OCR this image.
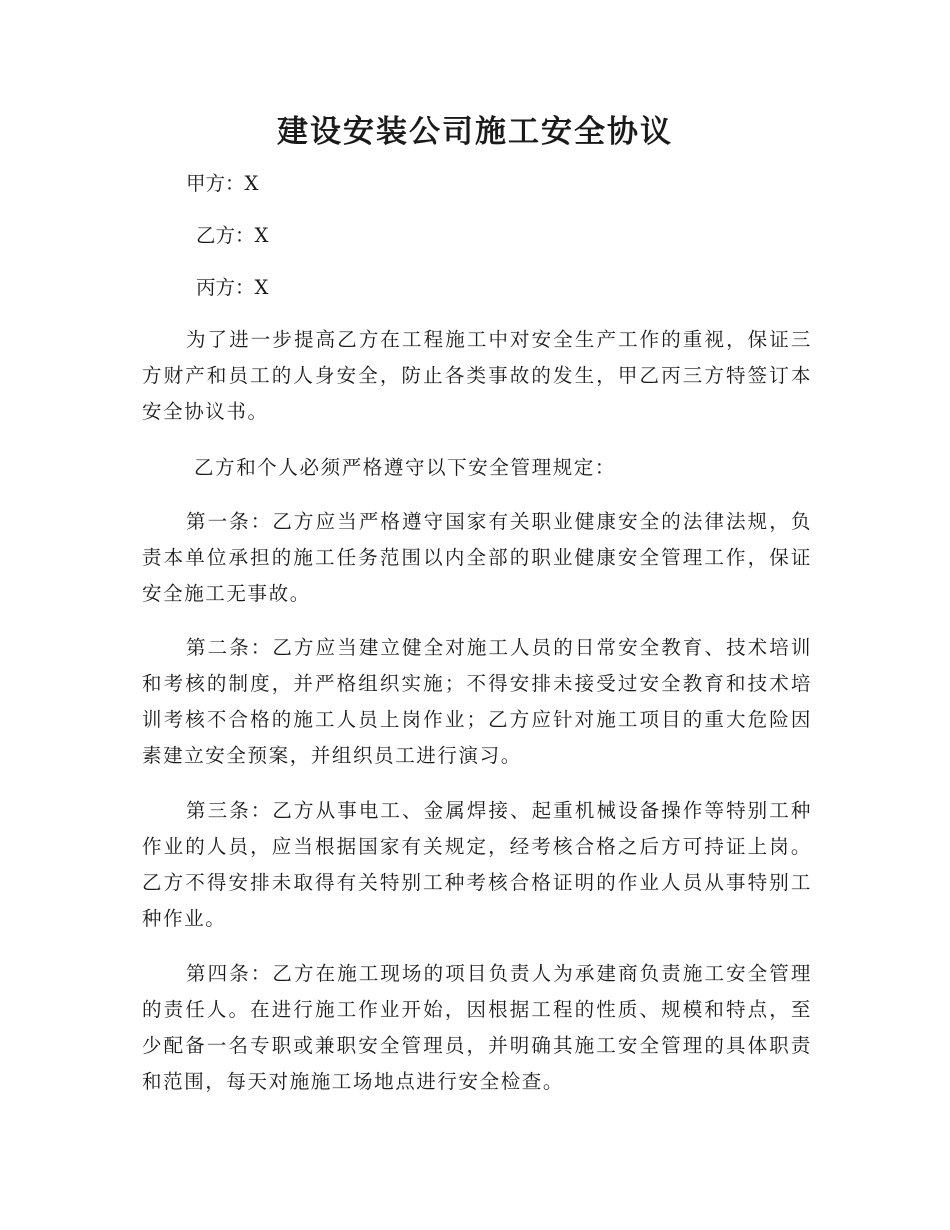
建设安装公司施工安全协议
甲方：X
乙方：X
丙方：X

为了进一步提高乙方在工程施工中对安全生产工作的重视，保证三方财产和员工的人身安全，防止各类事故的发生，甲乙丙三方特签订本安全协议书。

乙方和个人必须严格遵守以下安全管理规定：

第一条：乙方应当严格遵守国家有关职业健康安全的法律法规，负责本单位承担的施工任务范围以内全部的职业健康安全管理工作，保证安全施工无事故。

第二条：乙方应当建立健全对施工人员的日常安全教育、技术培训和考核的制度，并严格组织实施；不得安排未接受过安全教育和技术培训考核不合格的施工人员上岗作业；乙方应针对施工项目的重大危险因素建立安全预案，并组织员工进行演习。

第三条：乙方从事电工、金属焊接、起重机械设备操作等特别工种作业的人员，应当根据国家有关规定，经考核合格之后方可持证上岗。乙方不得安排未取得有关特别工种考核合格证明的作业人员从事特别工种作业。

第四条：乙方在施工现场的项目负责人为承建商负责施工安全管理的责任人。在进行施工作业开始，因根据工程的性质、规模和特点，至少配备一名专职或兼职安全管理员，并明确其施工安全管理的具体职责和范围，每天对施施工场地点进行安全检查。
